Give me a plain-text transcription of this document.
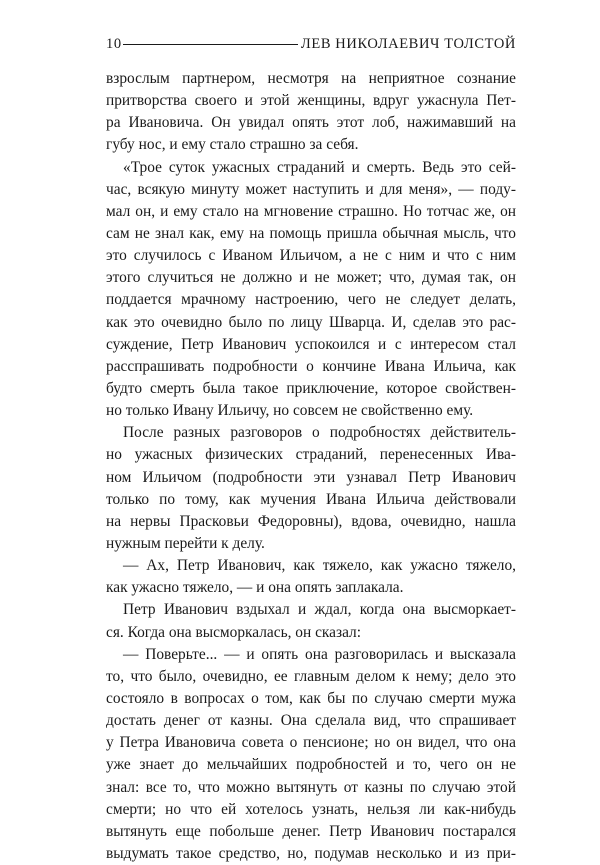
10	ЛЕВ НИКОЛАЕВИЧ ТОЛСТОЙ
взрослым партнером, несмотря на неприятное сознание
притворства своего и этой женщины, вдруг ужаснула Пет-
ра Ивановича. Он увидал опять этот лоб, нажимавший на
губу нос, и ему стало страшно за себя.
«Трое суток ужасных страданий и смерть. Ведь это сей-
час, всякую минуту может наступить и для меня», — поду-
мал он, и ему стало на мгновение страшно. Но тотчас же, он
сам не знал как, ему на помощь пришла обычная мысль, что
это случилось с Иваном Ильичом, а не с ним и что с ним
этого случиться не должно и не может; что, думая так, он
поддается мрачному настроению, чего не следует делать,
как это очевидно было по лицу Шварца. И, сделав это рас-
суждение, Петр Иванович успокоился и с интересом стал
расспрашивать подробности о кончине Ивана Ильича, как
будто смерть была такое приключение, которое свойствен-
но только Ивану Ильичу, но совсем не свойственно ему.
После разных разговоров о подробностях действитель-
но ужасных физических страданий, перенесенных Ива-
ном Ильичом (подробности эти узнавал Петр Иванович
только по тому, как мучения Ивана Ильича действовали
на нервы Прасковьи Федоровны), вдова, очевидно, нашла
нужным перейти к делу.
— Ах, Петр Иванович, как тяжело, как ужасно тяжело,
как ужасно тяжело, — и она опять заплакала.
Петр Иванович вздыхал и ждал, когда она высморкает-
ся. Когда она высморкалась, он сказал:
— Поверьте... — и опять она разговорилась и высказала
то, что было, очевидно, ее главным делом к нему; дело это
состояло в вопросах о том, как бы по случаю смерти мужа
достать денег от казны. Она сделала вид, что спрашивает
у Петра Ивановича совета о пенсионе; но он видел, что она
уже знает до мельчайших подробностей и то, чего он не
знал: все то, что можно вытянуть от казны по случаю этой
смерти; но что ей хотелось узнать, нельзя ли как-нибудь
вытянуть еще побольше денег. Петр Иванович постарался
выдумать такое средство, но, подумав несколько и из при-
